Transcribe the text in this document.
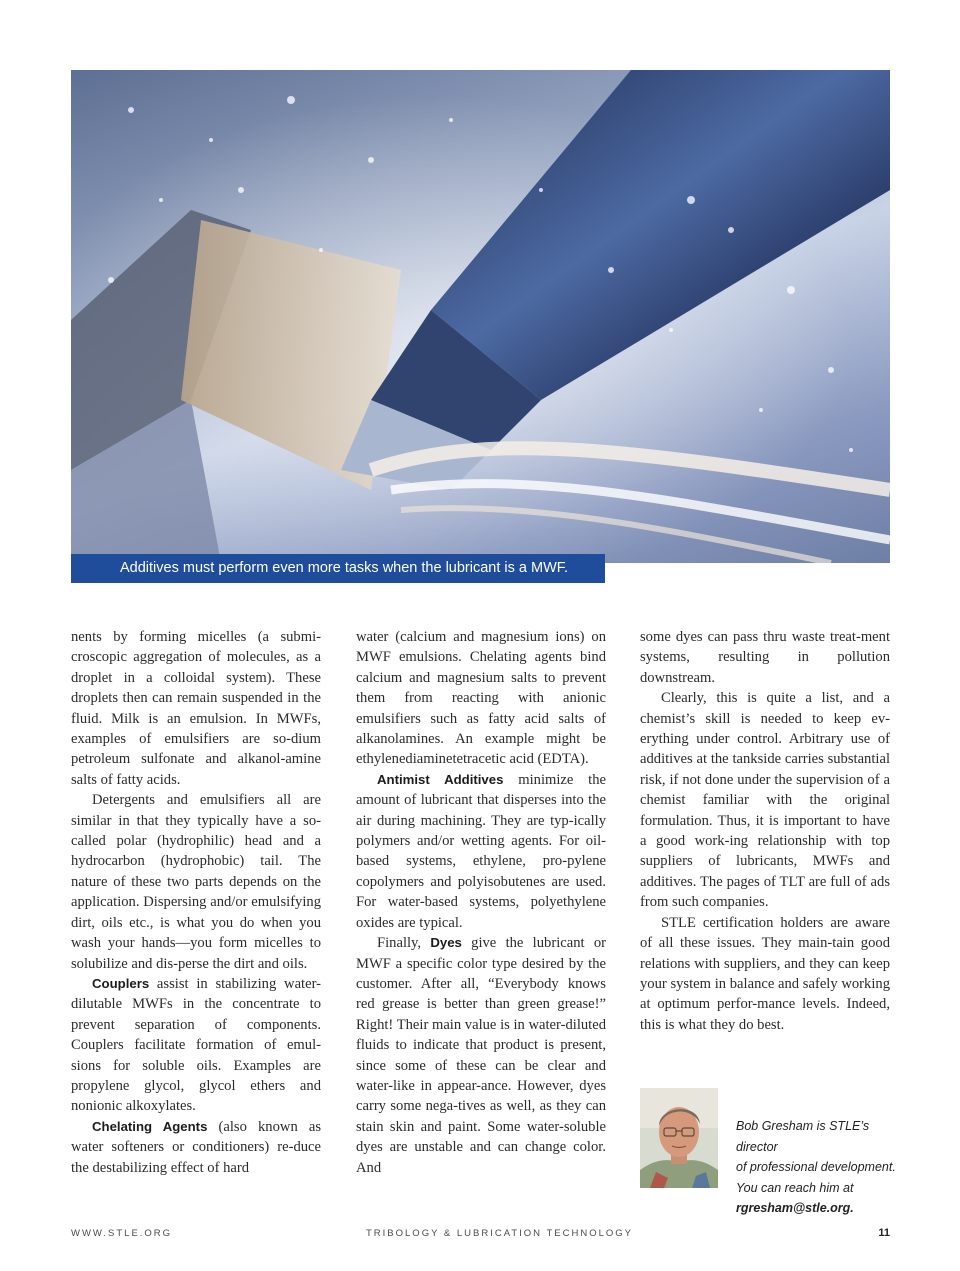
Additives must perform even more tasks when the lubricant is a MWF.

nents by forming micelles (a submi-croscopic aggregation of molecules, as a droplet in a colloidal system). These droplets then can remain suspended in the fluid. Milk is an emulsion. In MWFs, examples of emulsifiers are so-dium petroleum sulfonate and alkanol-amine salts of fatty acids.

Detergents and emulsifiers all are similar in that they typically have a so-called polar (hydrophilic) head and a hydrocarbon (hydrophobic) tail. The nature of these two parts depends on the application. Dispersing and/or emulsifying dirt, oils etc., is what you do when you wash your hands—you form micelles to solubilize and dis-perse the dirt and oils.

Couplers assist in stabilizing water-dilutable MWFs in the concentrate to prevent separation of components. Couplers facilitate formation of emul-sions for soluble oils. Examples are propylene glycol, glycol ethers and nonionic alkoxylates.

Chelating Agents (also known as water softeners or conditioners) re-duce the destabilizing effect of hard

water (calcium and magnesium ions) on MWF emulsions. Chelating agents bind calcium and magnesium salts to prevent them from reacting with anionic emulsifiers such as fatty acid salts of alkanolamines. An example might be ethylenediaminetetracetic acid (EDTA).

Antimist Additives minimize the amount of lubricant that disperses into the air during machining. They are typ-ically polymers and/or wetting agents. For oil-based systems, ethylene, pro-pylene copolymers and polyisobutenes are used. For water-based systems, polyethylene oxides are typical.

Finally, Dyes give the lubricant or MWF a specific color type desired by the customer. After all, “Everybody knows red grease is better than green grease!” Right! Their main value is in water-diluted fluids to indicate that product is present, since some of these can be clear and water-like in appear-ance. However, dyes carry some nega-tives as well, as they can stain skin and paint. Some water-soluble dyes are unstable and can change color. And

some dyes can pass thru waste treat-ment systems, resulting in pollution downstream.

Clearly, this is quite a list, and a chemist’s skill is needed to keep ev-erything under control. Arbitrary use of additives at the tankside carries substantial risk, if not done under the supervision of a chemist familiar with the original formulation. Thus, it is important to have a good work-ing relationship with top suppliers of lubricants, MWFs and additives. The pages of TLT are full of ads from such companies.

STLE certification holders are aware of all these issues. They main-tain good relations with suppliers, and they can keep your system in balance and safely working at optimum perfor-mance levels. Indeed, this is what they do best.

Bob Gresham is STLE’s director
of professional development.
You can reach him at
rgresham@stle.org.
WWW.STLE.ORG	TRIBOLOGY & LUBRICATION TECHNOLOGY	11
